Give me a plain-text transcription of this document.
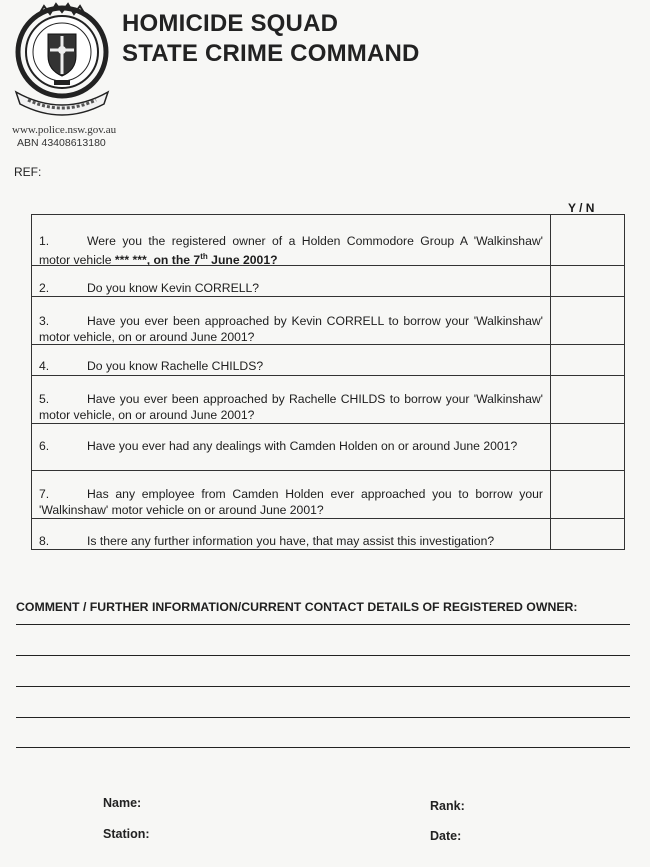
HOMICIDE SQUAD
STATE CRIME COMMAND
www.police.nsw.gov.au
ABN 43408613180
REF:
Y / N
1.	Were you the registered owner of a Holden Commodore Group A 'Walkinshaw' motor vehicle *** ***, on the 7th June 2001?
2.	Do you know Kevin CORRELL?
3.	Have you ever been approached by Kevin CORRELL to borrow your 'Walkinshaw' motor vehicle, on or around June 2001?
4.	Do you know Rachelle CHILDS?
5.	Have you ever been approached by Rachelle CHILDS to borrow your 'Walkinshaw' motor vehicle, on or around June 2001?
6.	Have you ever had any dealings with Camden Holden on or around June 2001?
7.	Has any employee from Camden Holden ever approached you to borrow your 'Walkinshaw' motor vehicle on or around June 2001?
8.	Is there any further information you have, that may assist this investigation?
COMMENT / FURTHER INFORMATION/CURRENT CONTACT DETAILS OF REGISTERED OWNER:
Name:
Station:
Rank:
Date:
